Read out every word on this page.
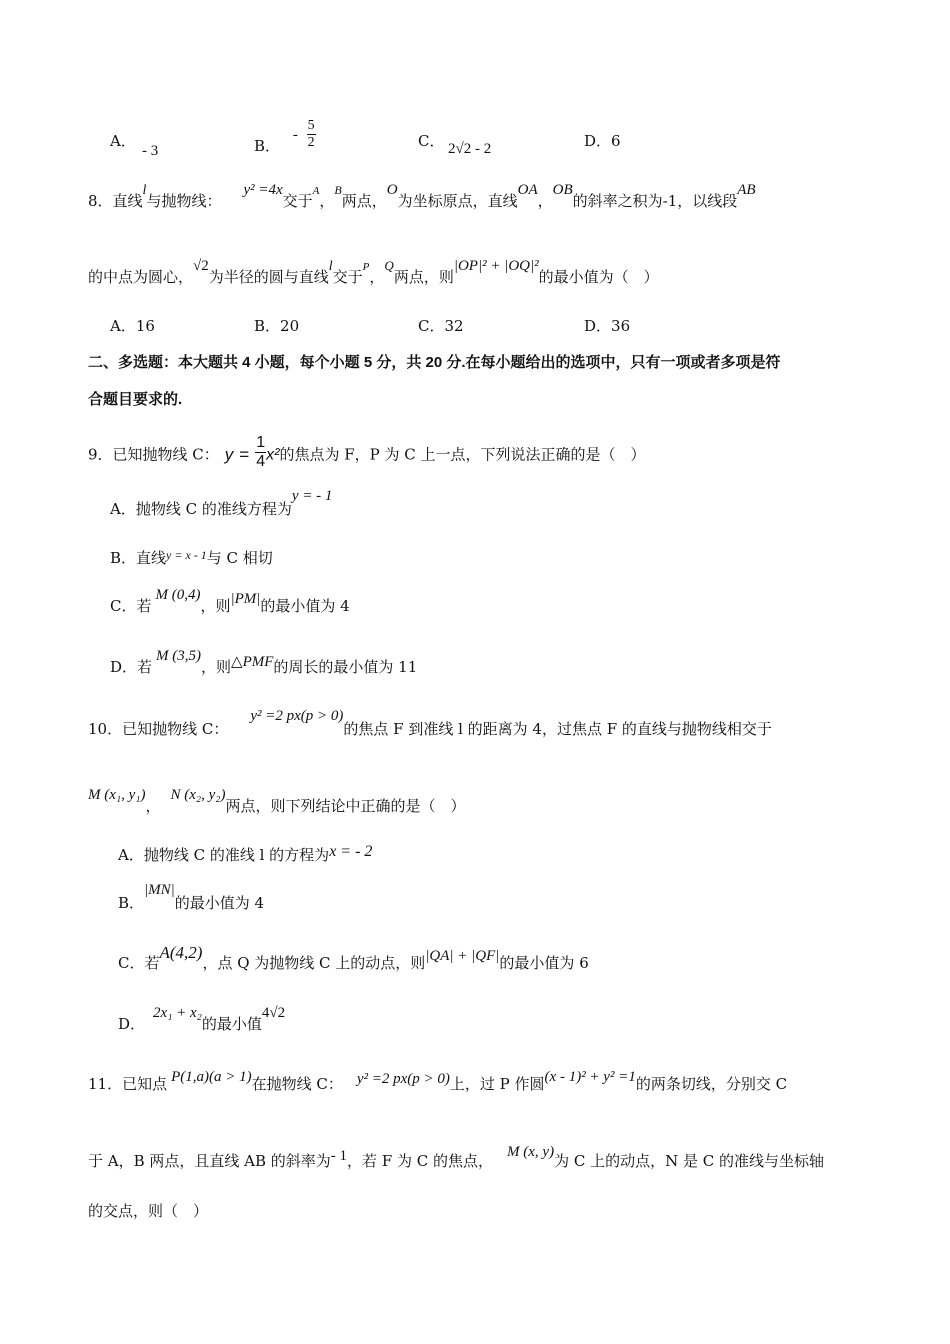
A．
- 3	B． - $\frac{5}{2}$	C． 2√2 - 2	D．6
8．直线l与抛物线：y² =4x交于$^A$，$^B$两点，O为坐标原点，直线OA，OB的斜率之积为-1，以线段AB
的中点为圆心，√2为半径的圆与直线l交于$^P$，Q两点，则|OP|² + |OQ|²的最小值为（　）
A．16	B．20	C．32	D．36
二、多选题：本大题共 4 小题，每个小题 5 分，共 20 分.在每小题给出的选项中，只有一项或者多项是符
合题目要求的.
9．已知抛物线 C： $y = \frac{1}{4} x^2$的焦点为 F，P 为 C 上一点，下列说法正确的是（　）
A．抛物线 C 的准线方程为y = - 1
B．直线$^{y = x - 1}$与 C 相切
C．若M (0,4)，则|PM|的最小值为 4
D．若M (3,5)，则△PMF的周长的最小值为 11
10．已知抛物线 C：y² =2 px(p > 0)的焦点 F 到准线 l 的距离为 4，过焦点 F 的直线与抛物线相交于
M (x₁, y₁)，N (x₂, y₂)两点，则下列结论中正确的是（　）
A．抛物线 C 的准线 l 的方程为x = - 2
B．|MN|的最小值为 4
C．若A(4,2)，点 Q 为抛物线 C 上的动点，则|QA| + |QF|的最小值为 6
D．2x₁ + x₂的最小值4√2
11．已知点 P(1,a)(a > 1)在抛物线 C： y² =2 px(p > 0)上，过 P 作圆(x - 1)² + y² =1的两条切线，分别交 C
于 A，B 两点，且直线 AB 的斜率为- 1，若 F 为 C 的焦点， M (x, y)为 C 上的动点，N 是 C 的准线与坐标轴
的交点，则（　）
